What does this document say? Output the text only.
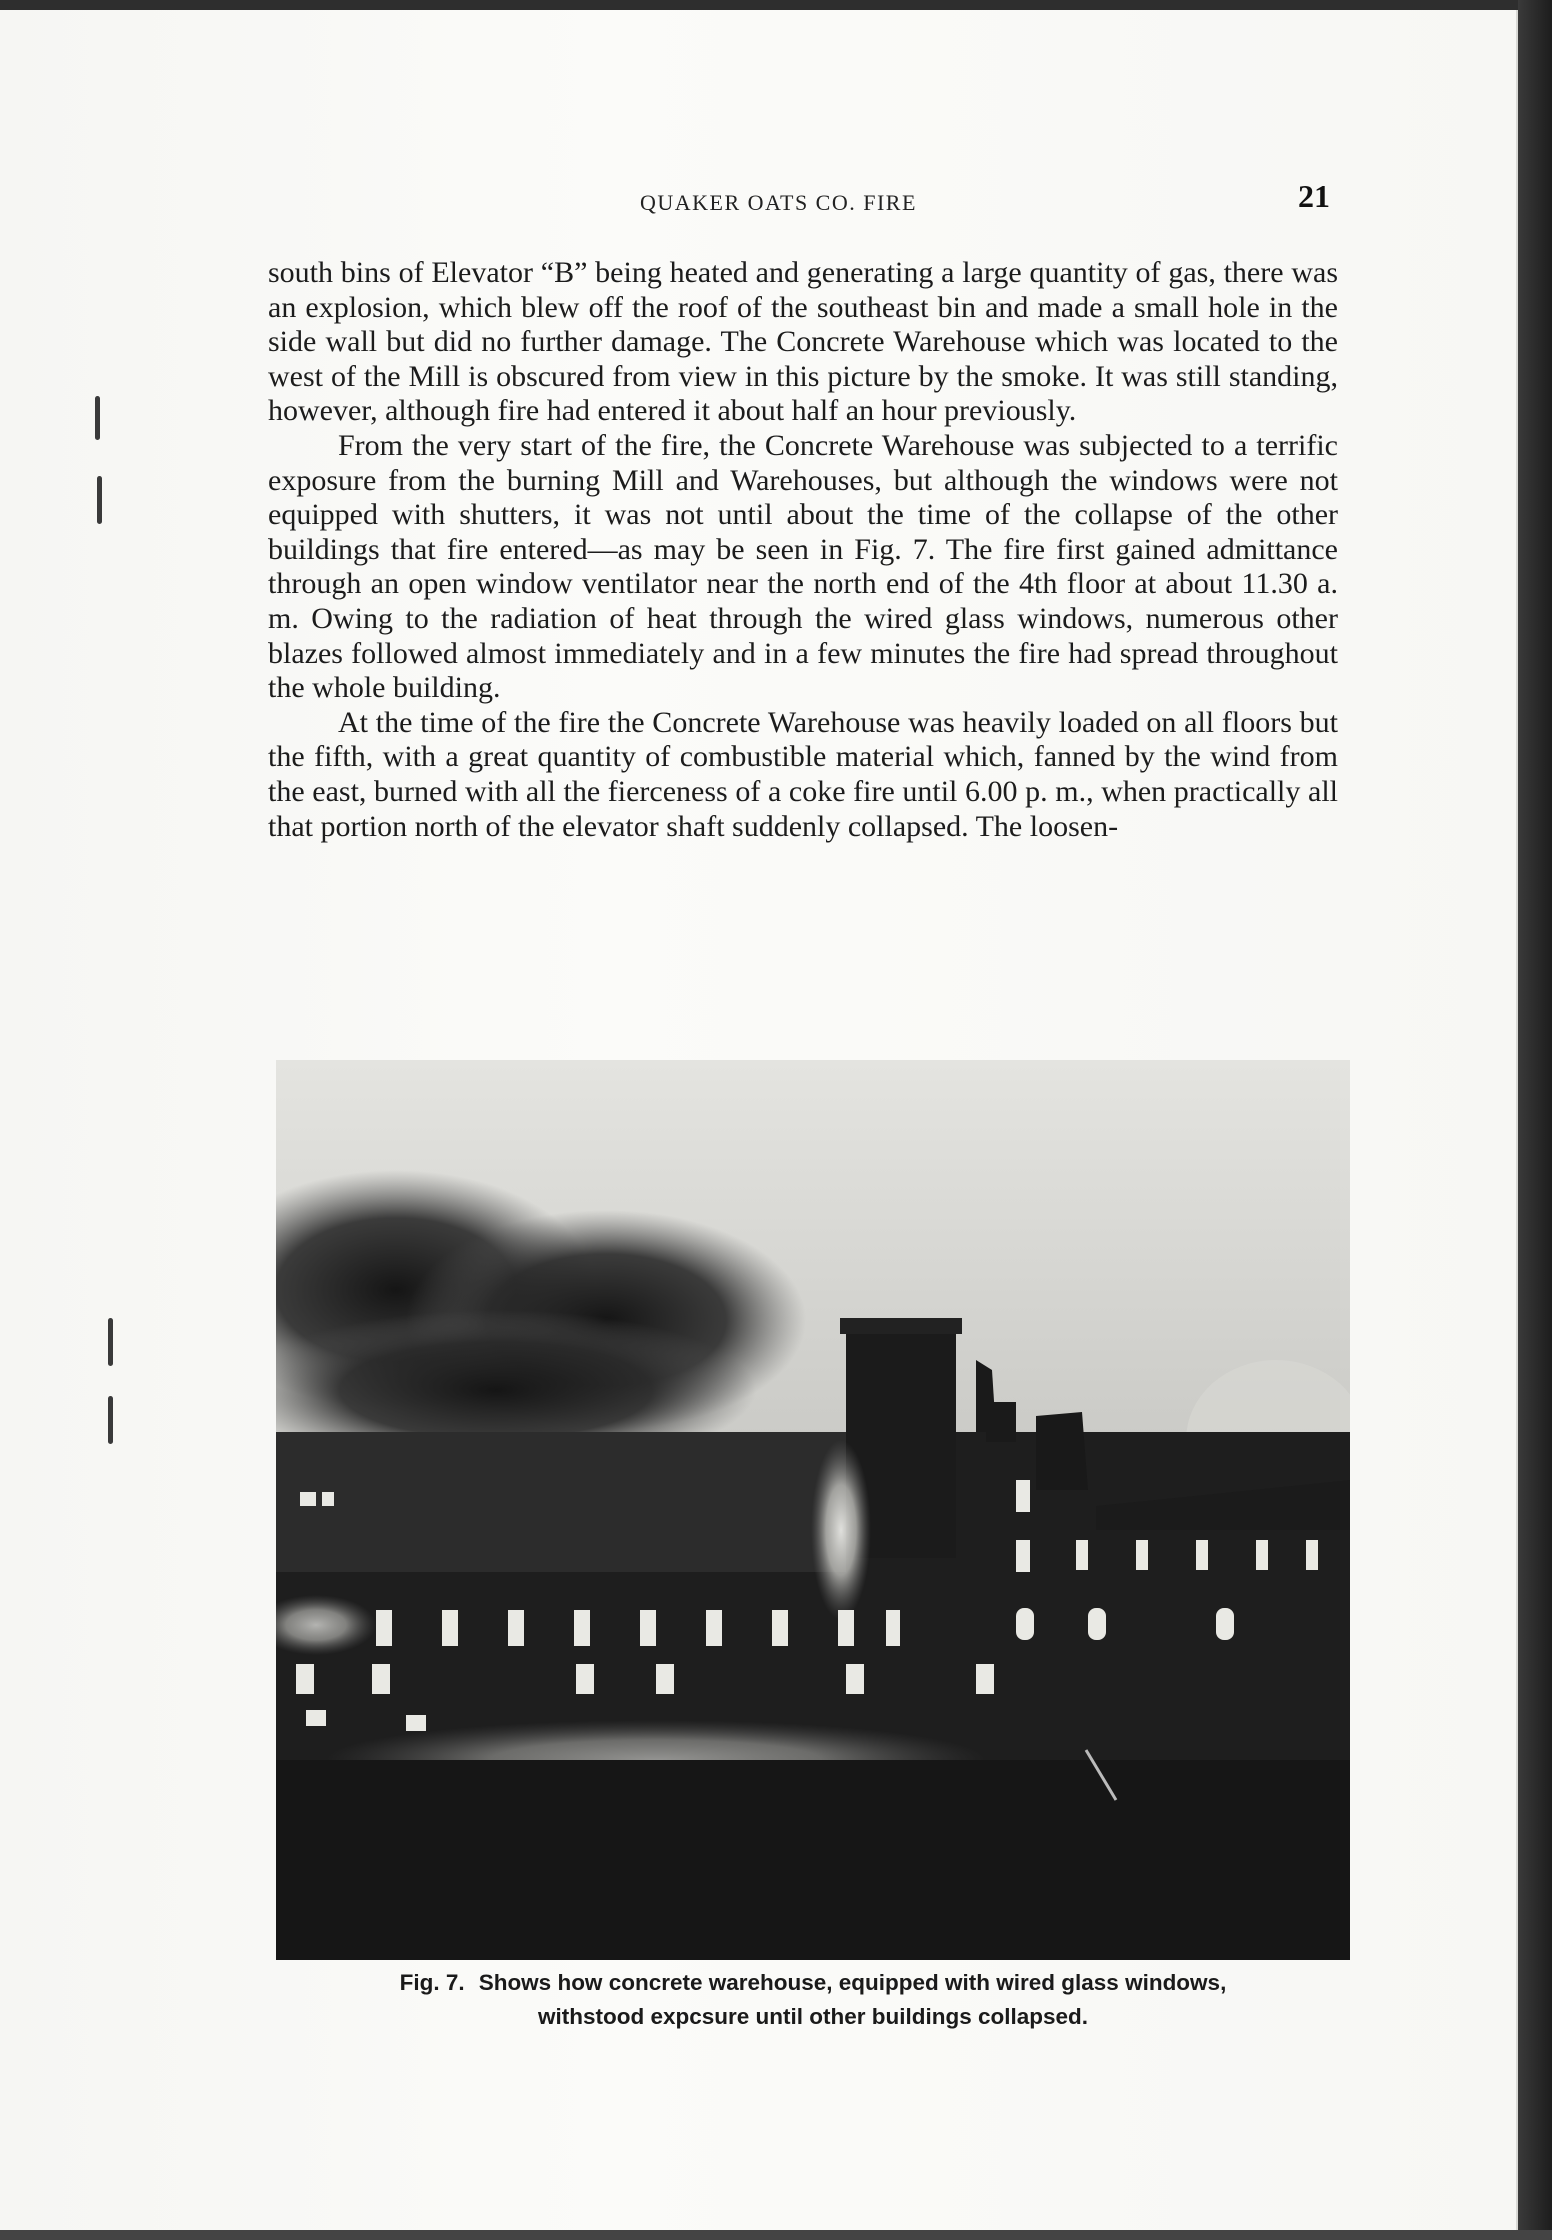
QUAKER OATS CO. FIRE	21

south bins of Elevator “B” being heated and generating a large quantity of gas, there was an explosion, which blew off the roof of the southeast bin and made a small hole in the side wall but did no further damage. The Concrete Warehouse which was located to the west of the Mill is obscured from view in this picture by the smoke. It was still standing, however, although fire had entered it about half an hour previously.

From the very start of the fire, the Concrete Warehouse was subjected to a terrific exposure from the burning Mill and Warehouses, but although the windows were not equipped with shutters, it was not until about the time of the collapse of the other buildings that fire entered—as may be seen in Fig. 7. The fire first gained admittance through an open window ventilator near the north end of the 4th floor at about 11.30 a. m. Owing to the radiation of heat through the wired glass windows, numerous other blazes followed almost immediately and in a few minutes the fire had spread throughout the whole building.

At the time of the fire the Concrete Warehouse was heavily loaded on all floors but the fifth, with a great quantity of combustible material which, fanned by the wind from the east, burned with all the fierceness of a coke fire until 6.00 p. m., when practically all that portion north of the elevator shaft suddenly collapsed. The loosen-

Fig. 7. Shows how concrete warehouse, equipped with wired glass windows,
withstood expcsure until other buildings collapsed.
